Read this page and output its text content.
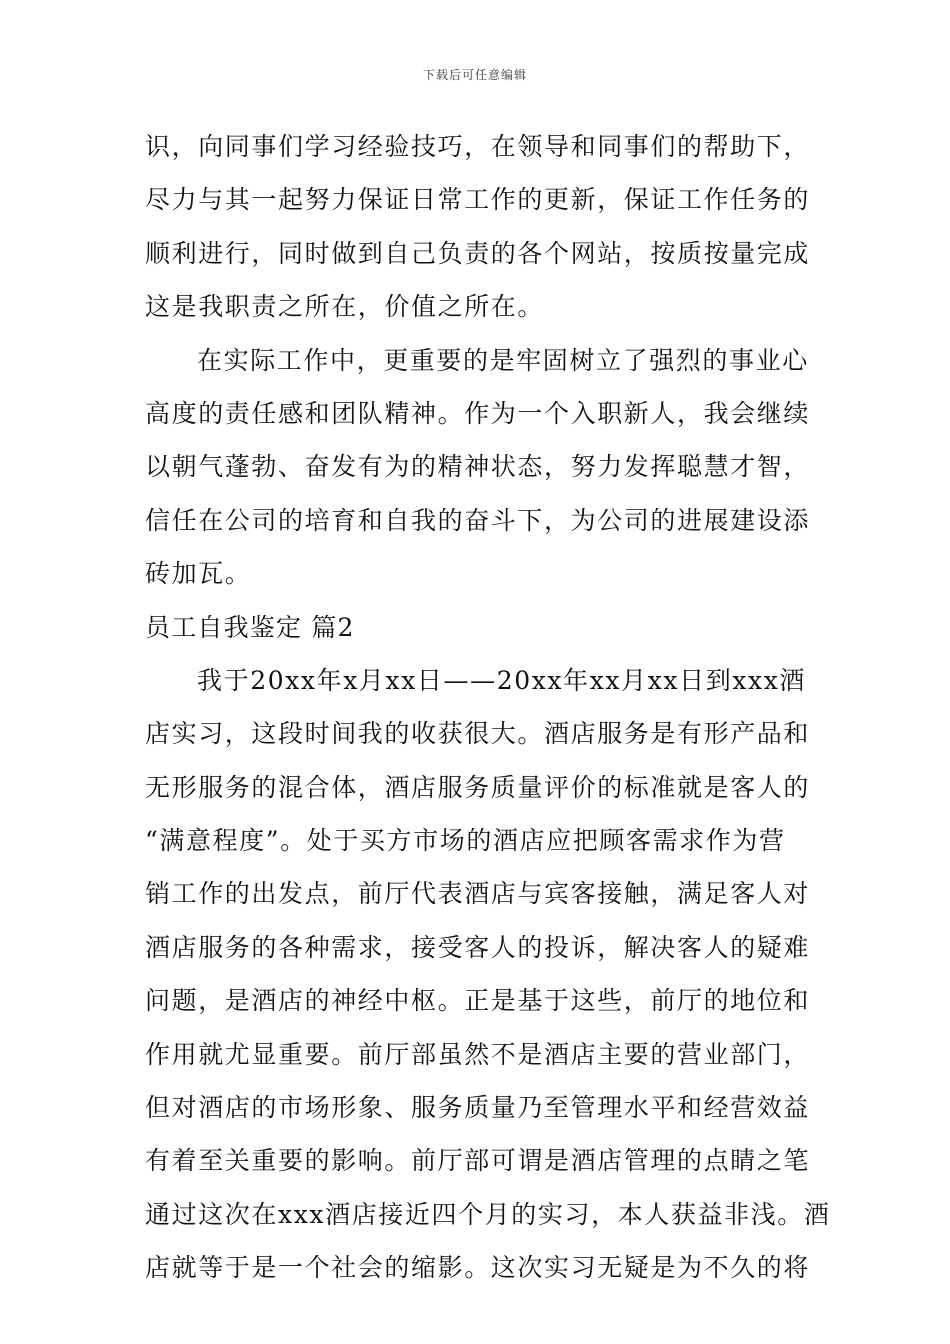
下载后可任意编辑
识，向同事们学习经验技巧，在领导和同事们的帮助下，
尽力与其一起努力保证日常工作的更新，保证工作任务的
顺利进行，同时做到自己负责的各个网站，按质按量完成
这是我职责之所在，价值之所在。
在实际工作中，更重要的是牢固树立了强烈的事业心
高度的责任感和团队精神。作为一个入职新人，我会继续
以朝气蓬勃、奋发有为的精神状态，努力发挥聪慧才智，
信任在公司的培育和自我的奋斗下，为公司的进展建设添
砖加瓦。
员工自我鉴定 篇2
我于20xx年x月xx日——20xx年xx月xx日到xxx酒
店实习，这段时间我的收获很大。酒店服务是有形产品和
无形服务的混合体，酒店服务质量评价的标准就是客人的
“满意程度”。处于买方市场的酒店应把顾客需求作为营
销工作的出发点，前厅代表酒店与宾客接触，满足客人对
酒店服务的各种需求，接受客人的投诉，解决客人的疑难
问题，是酒店的神经中枢。正是基于这些，前厅的地位和
作用就尤显重要。前厅部虽然不是酒店主要的营业部门，
但对酒店的市场形象、服务质量乃至管理水平和经营效益
有着至关重要的影响。前厅部可谓是酒店管理的点睛之笔
通过这次在xxx酒店接近四个月的实习，本人获益非浅。酒
店就等于是一个社会的缩影。这次实习无疑是为不久的将
